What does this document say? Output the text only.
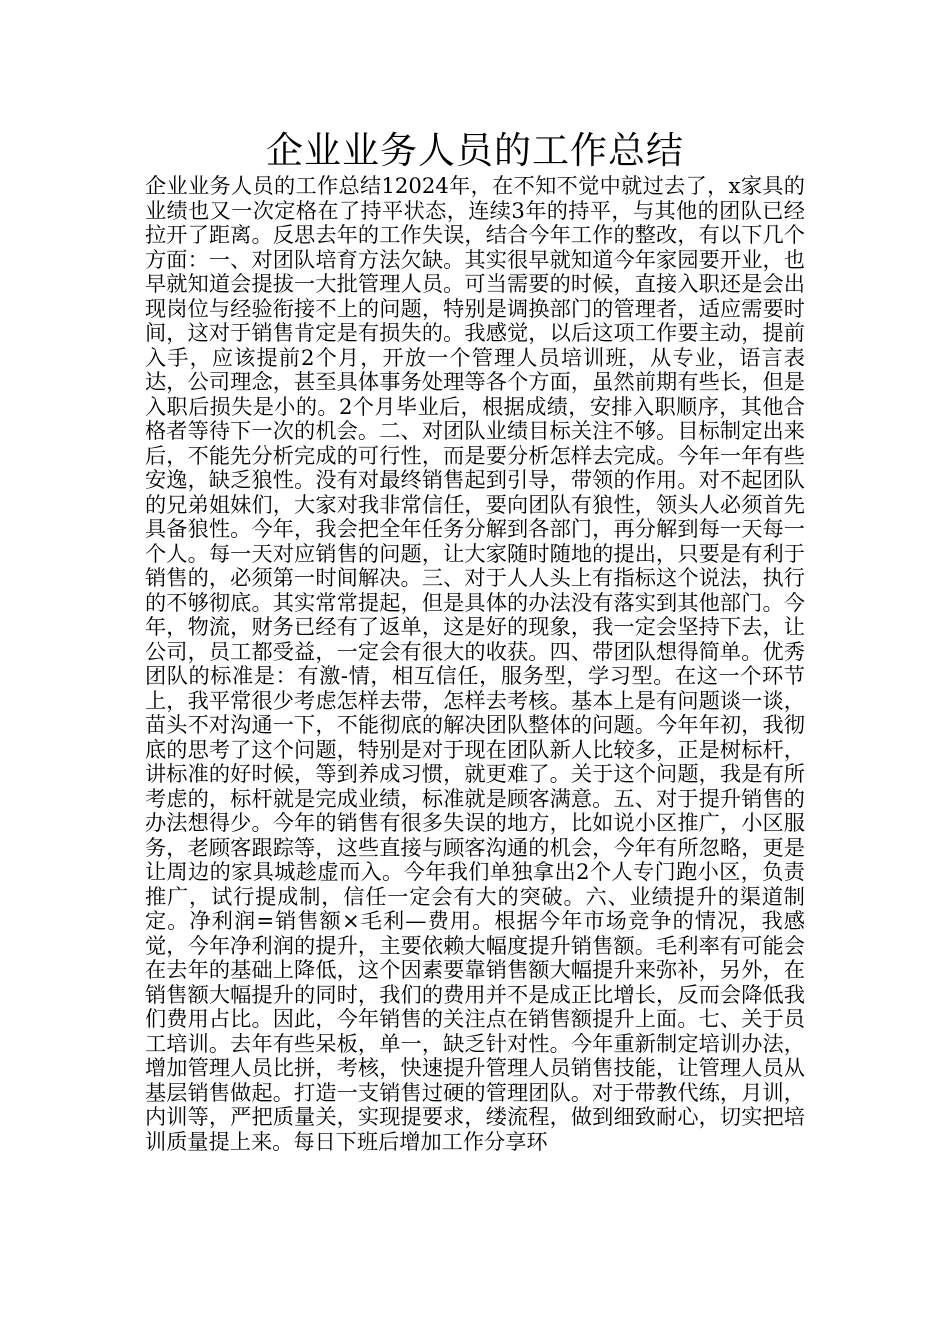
企业业务人员的工作总结

企业业务人员的工作总结12024年，在不知不觉中就过去了，x家具的业绩也又一次定格在了持平状态，连续3年的持平，与其他的团队已经拉开了距离。反思去年的工作失误，结合今年工作的整改，有以下几个方面：一、对团队培育方法欠缺。其实很早就知道今年家园要开业，也早就知道会提拔一大批管理人员。可当需要的时候，直接入职还是会出现岗位与经验衔接不上的问题，特别是调换部门的管理者，适应需要时间，这对于销售肯定是有损失的。我感觉，以后这项工作要主动，提前入手，应该提前2个月，开放一个管理人员培训班，从专业，语言表达，公司理念，甚至具体事务处理等各个方面，虽然前期有些长，但是入职后损失是小的。2个月毕业后，根据成绩，安排入职顺序，其他合格者等待下一次的机会。二、对团队业绩目标关注不够。目标制定出来后，不能先分析完成的可行性，而是要分析怎样去完成。今年一年有些安逸，缺乏狼性。没有对最终销售起到引导，带领的作用。对不起团队的兄弟姐妹们，大家对我非常信任，要向团队有狼性，领头人必须首先具备狼性。今年，我会把全年任务分解到各部门，再分解到每一天每一个人。每一天对应销售的问题，让大家随时随地的提出，只要是有利于销售的，必须第一时间解决。三、对于人人头上有指标这个说法，执行的不够彻底。其实常常提起，但是具体的办法没有落实到其他部门。今年，物流，财务已经有了返单，这是好的现象，我一定会坚持下去，让公司，员工都受益，一定会有很大的收获。四、带团队想得简单。优秀团队的标准是：有激-情，相互信任，服务型，学习型。在这一个环节上，我平常很少考虑怎样去带，怎样去考核。基本上是有问题谈一谈，苗头不对沟通一下，不能彻底的解决团队整体的问题。今年年初，我彻底的思考了这个问题，特别是对于现在团队新人比较多，正是树标杆，讲标准的好时候，等到养成习惯，就更难了。关于这个问题，我是有所考虑的，标杆就是完成业绩，标准就是顾客满意。五、对于提升销售的办法想得少。今年的销售有很多失误的地方，比如说小区推广，小区服务，老顾客跟踪等，这些直接与顾客沟通的机会，今年有所忽略，更是让周边的家具城趁虚而入。今年我们单独拿出2个人专门跑小区，负责推广，试行提成制，信任一定会有大的突破。六、业绩提升的渠道制定。净利润=销售额×毛利—费用。根据今年市场竞争的情况，我感觉，今年净利润的提升，主要依赖大幅度提升销售额。毛利率有可能会在去年的基础上降低，这个因素要靠销售额大幅提升来弥补，另外，在销售额大幅提升的同时，我们的费用并不是成正比增长，反而会降低我们费用占比。因此，今年销售的关注点在销售额提升上面。七、关于员工培训。去年有些呆板，单一，缺乏针对性。今年重新制定培训办法，增加管理人员比拼，考核，快速提升管理人员销售技能，让管理人员从基层销售做起。打造一支销售过硬的管理团队。对于带教代练，月训，内训等，严把质量关，实现提要求，缕流程，做到细致耐心，切实把培训质量提上来。每日下班后增加工作分享环
